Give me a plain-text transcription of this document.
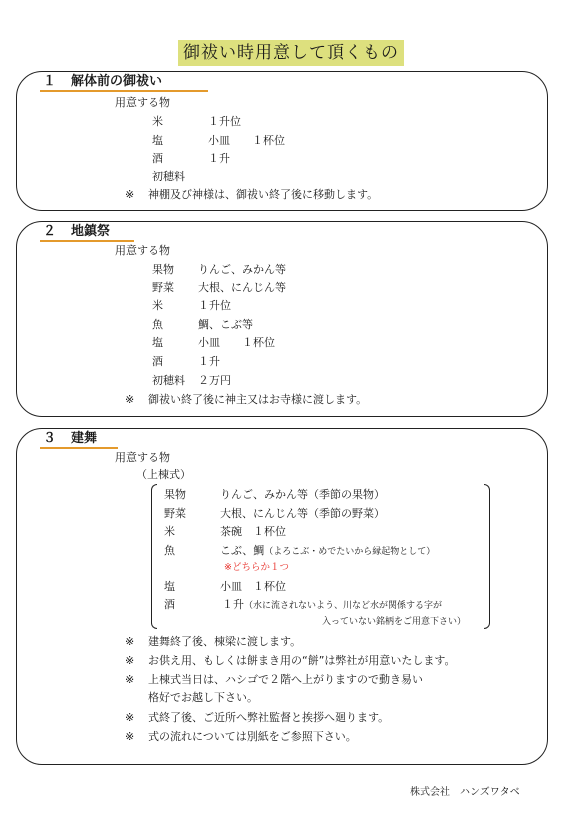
御祓い時用意して頂くもの
１ 解体前の御祓い
用意する物
米	１升位
塩	小皿　　１杯位
酒	１升
初穂料
※ 神棚及び神様は、御祓い終了後に移動します。
２ 地鎮祭
用意する物
果物 りんご、みかん等
野菜 大根、にんじん等
米	１升位
魚	鯛、こぶ等
塩	小皿　　１杯位
酒	１升
初穂料 ２万円
※ 御祓い終了後に神主又はお寺様に渡します。
３ 建舞
用意する物
（上棟式）
果物	りんご、みかん等（季節の果物）
野菜	大根、にんじん等（季節の野菜）
米	茶碗　１杯位
魚	こぶ、鯛（よろこぶ・めでたいから縁起物として）
※どちらか１つ
塩	小皿　１杯位
酒	１升（水に流されないよう、川など水が関係する字が
入っていない銘柄をご用意下さい）
※ 建舞終了後、棟梁に渡します。
※ お供え用、もしくは餅まき用の“餅”は弊社が用意いたします。
※ 上棟式当日は、ハシゴで２階へ上がりますので動き易い
格好でお越し下さい。
※ 式終了後、ご近所へ弊社監督と挨拶へ廻ります。
※ 式の流れについては別紙をご参照下さい。
株式会社　ハンズワタベ
